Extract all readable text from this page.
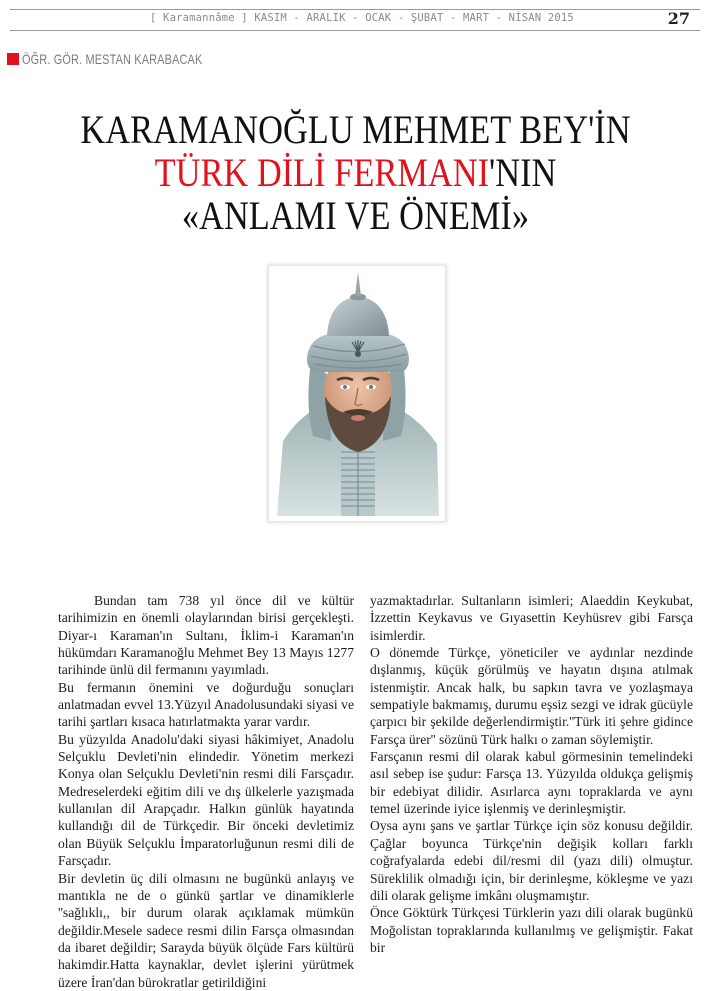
[ Karamannâme ] KASIM - ARALIK - OCAK - ŞUBAT - MART - NİSAN 2015	27
ÖĞR. GÖR. MESTAN KARABACAK
KARAMANOĞLU MEHMET BEY'İN
TÜRK DİLİ FERMANI'NIN
«ANLAMI VE ÖNEMİ»

Bundan tam 738 yıl önce dil ve kültür tarihimizin en önemli olaylarından birisi gerçekleşti. Diyar-ı Karaman'ın Sultanı, İklim-i Karaman'ın hükümdarı Karamanoğlu Mehmet Bey 13 Mayıs 1277 tarihinde ünlü dil fermanını yayımladı.

Bu fermanın önemini ve doğurduğu sonuçları anlatmadan evvel 13.Yüzyıl Anadolusundaki siyasi ve tarihi şartları kısaca hatırlatmakta yarar vardır.

Bu yüzyılda Anadolu'daki siyasi hâkimiyet, Anadolu Selçuklu Devleti'nin elindedir. Yönetim merkezi Konya olan Selçuklu Devleti'nin resmi dili Farsçadır. Medreselerdeki eğitim dili ve dış ülkelerle yazışmada kullanılan dil Arapçadır. Halkın günlük hayatında kullandığı dil de Türkçedir. Bir önceki devletimiz olan Büyük Selçuklu İmparatorluğunun resmi dili de Farsçadır.

Bir devletin üç dili olmasını ne bugünkü anlayış ve mantıkla ne de o günkü şartlar ve dinamiklerle ''sağlıklı,, bir durum olarak açıklamak mümkün değildir.Mesele sadece resmi dilin Farsça olmasından da ibaret değildir; Sarayda büyük ölçüde Fars kültürü hakimdir.Hatta kaynaklar, devlet işlerini yürütmek üzere İran'dan bürokratlar getirildiğini

yazmaktadırlar. Sultanların isimleri; Alaeddin Keykubat, İzzettin Keykavus ve Gıyasettin Keyhüsrev gibi Farsça isimlerdir.

O dönemde Türkçe, yöneticiler ve aydınlar nezdinde dışlanmış, küçük görülmüş ve hayatın dışına atılmak istenmiştir. Ancak halk, bu sapkın tavra ve yozlaşmaya sempatiyle bakmamış, durumu eşsiz sezgi ve idrak gücüyle çarpıcı bir şekilde değerlendirmiştir.''Türk iti şehre gidince Farsça ürer'' sözünü Türk halkı o zaman söylemiştir.

Farsçanın resmi dil olarak kabul görmesinin temelindeki asıl sebep ise şudur: Farsça 13. Yüzyılda oldukça gelişmiş bir edebiyat dilidir. Asırlarca aynı topraklarda ve aynı temel üzerinde iyice işlenmiş ve derinleşmiştir.

Oysa aynı şans ve şartlar Türkçe için söz konusu değildir. Çağlar boyunca Türkçe'nin değişik kolları farklı coğrafyalarda edebi dil/resmi dil (yazı dili) olmuştur. Süreklilik olmadığı için, bir derinleşme, kökleşme ve yazı dili olarak gelişme imkânı oluşmamıştır.

Önce Göktürk Türkçesi Türklerin yazı dili olarak bugünkü Moğolistan topraklarında kullanılmış ve gelişmiştir. Fakat bir
